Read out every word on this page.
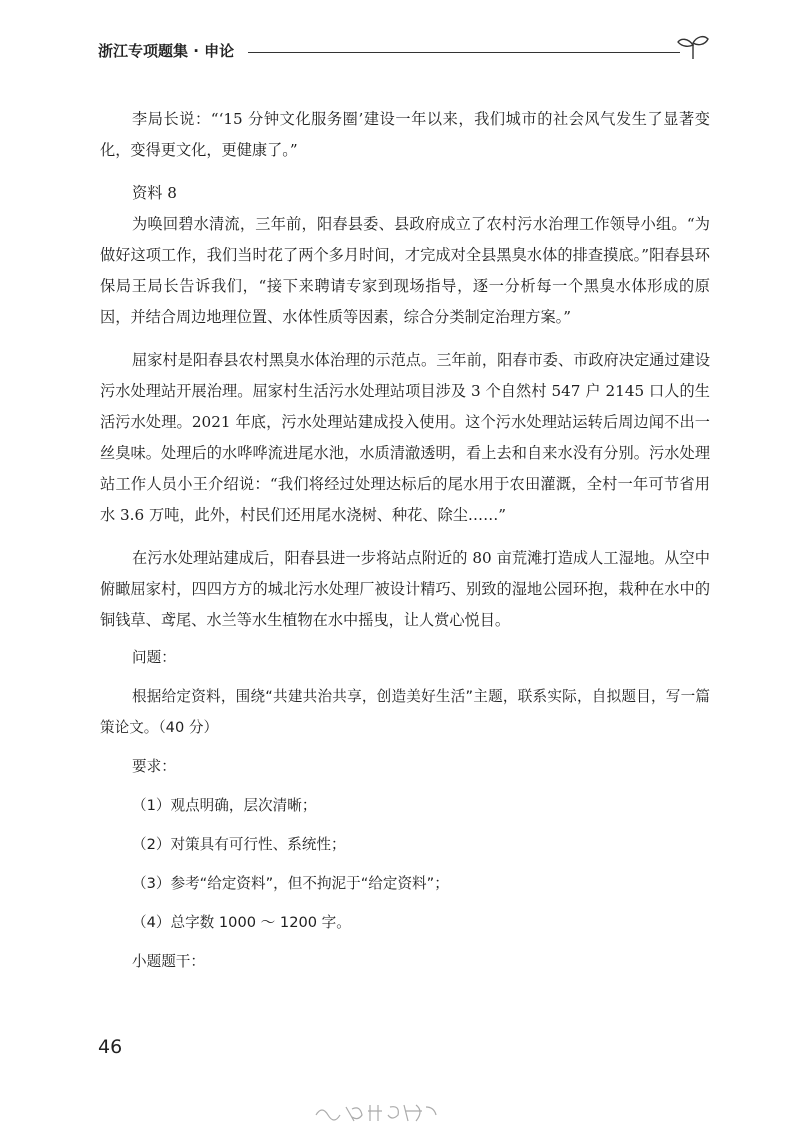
浙江专项题集 · 申论

李局长说：“‘15 分钟文化服务圈’建设一年以来，我们城市的社会风气发生了显著变化，变得更文化，更健康了。”

资料 8

为唤回碧水清流，三年前，阳春县委、县政府成立了农村污水治理工作领导小组。“为做好这项工作，我们当时花了两个多月时间，才完成对全县黑臭水体的排查摸底。”阳春县环保局王局长告诉我们，“接下来聘请专家到现场指导，逐一分析每一个黑臭水体形成的原因，并结合周边地理位置、水体性质等因素，综合分类制定治理方案。”

屈家村是阳春县农村黑臭水体治理的示范点。三年前，阳春市委、市政府决定通过建设污水处理站开展治理。屈家村生活污水处理站项目涉及 3 个自然村 547 户 2145 口人的生活污水处理。2021 年底，污水处理站建成投入使用。这个污水处理站运转后周边闻不出一丝臭味。处理后的水哗哗流进尾水池，水质清澈透明，看上去和自来水没有分别。污水处理站工作人员小王介绍说：“我们将经过处理达标后的尾水用于农田灌溉，全村一年可节省用水 3.6 万吨，此外，村民们还用尾水浇树、种花、除尘……”

在污水处理站建成后，阳春县进一步将站点附近的 80 亩荒滩打造成人工湿地。从空中俯瞰屈家村，四四方方的城北污水处理厂被设计精巧、别致的湿地公园环抱，栽种在水中的铜钱草、鸢尾、水兰等水生植物在水中摇曳，让人赏心悦目。

问题：

根据给定资料，围绕“共建共治共享，创造美好生活”主题，联系实际，自拟题目，写一篇策论文。（40 分）

要求：

（1）观点明确，层次清晰；

（2）对策具有可行性、系统性；

（3）参考“给定资料”，但不拘泥于“给定资料”；

（4）总字数 1000 ～ 1200 字。

小题题干：

46
